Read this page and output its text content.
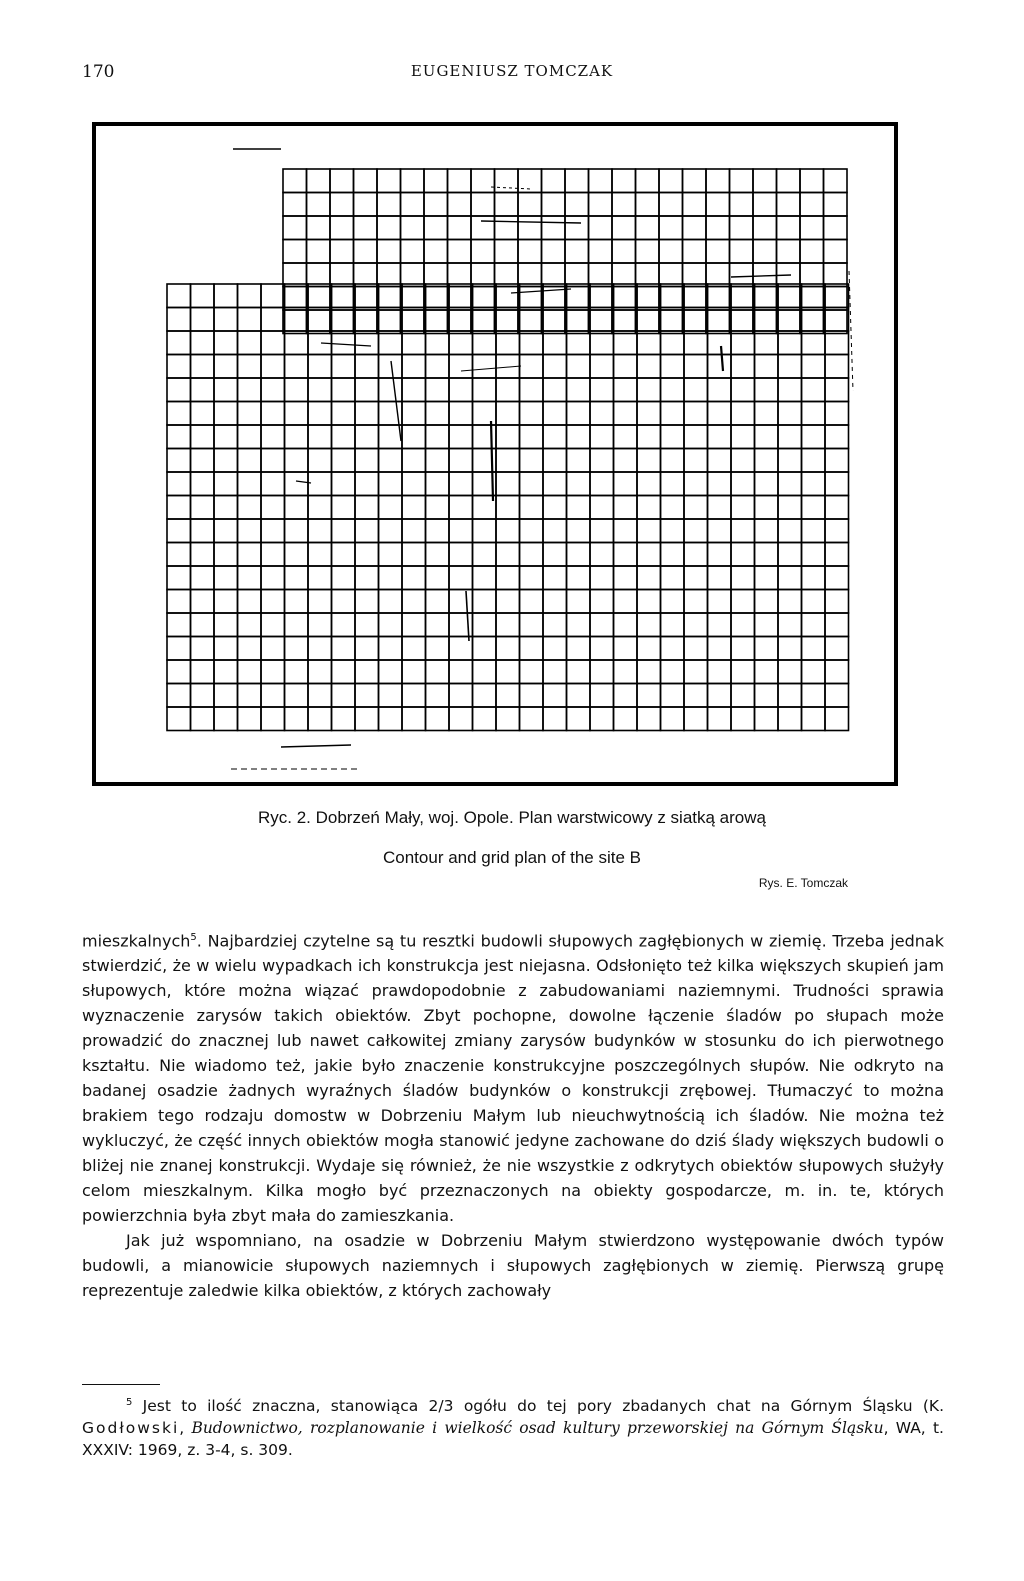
170	EUGENIUSZ TOMCZAK
Ryc. 2. Dobrzeń Mały, woj. Opole. Plan warstwicowy z siatką arową
Contour and grid plan of the site B
Rys. E. Tomczak

mieszkalnych$^5$. Najbardziej czytelne są tu resztki budowli słupowych zagłębionych w ziemię. Trzeba jednak stwierdzić, że w wielu wypadkach ich konstrukcja jest niejasna. Odsłonięto też kilka większych skupień jam słupowych, które można wiązać prawdopodobnie z zabudowaniami naziemnymi. Trudności sprawia wyznaczenie zarysów takich obiektów. Zbyt pochopne, dowolne łączenie śladów po słupach może prowadzić do znacznej lub nawet całkowitej zmiany zarysów budynków w stosunku do ich pierwotnego kształtu. Nie wiadomo też, jakie było znaczenie konstrukcyjne poszczególnych słupów. Nie odkryto na badanej osadzie żadnych wyraźnych śladów budynków o konstrukcji zrębowej. Tłumaczyć to można brakiem tego rodzaju domostw w Dobrzeniu Małym lub nieuchwytnością ich śladów. Nie można też wykluczyć, że część innych obiektów mogła stanowić jedyne zachowane do dziś ślady większych budowli o bliżej nie znanej konstrukcji. Wydaje się również, że nie wszystkie z odkrytych obiektów słupowych służyły celom mieszkalnym. Kilka mogło być przeznaczonych na obiekty gospodarcze, m. in. te, których powierzchnia była zbyt mała do zamieszkania.

Jak już wspomniano, na osadzie w Dobrzeniu Małym stwierdzono występowanie dwóch typów budowli, a mianowicie słupowych naziemnych i słupowych zagłębionych w ziemię. Pierwszą grupę reprezentuje zaledwie kilka obiektów, z których zachowały

$^5$ Jest to ilość znaczna, stanowiąca 2/3 ogółu do tej pory zbadanych chat na Górnym Śląsku (K. Godłowski, Budownictwo, rozplanowanie i wielkość osad kultury przeworskiej na Górnym Śląsku, WA, t. XXXIV: 1969, z. 3-4, s. 309.
